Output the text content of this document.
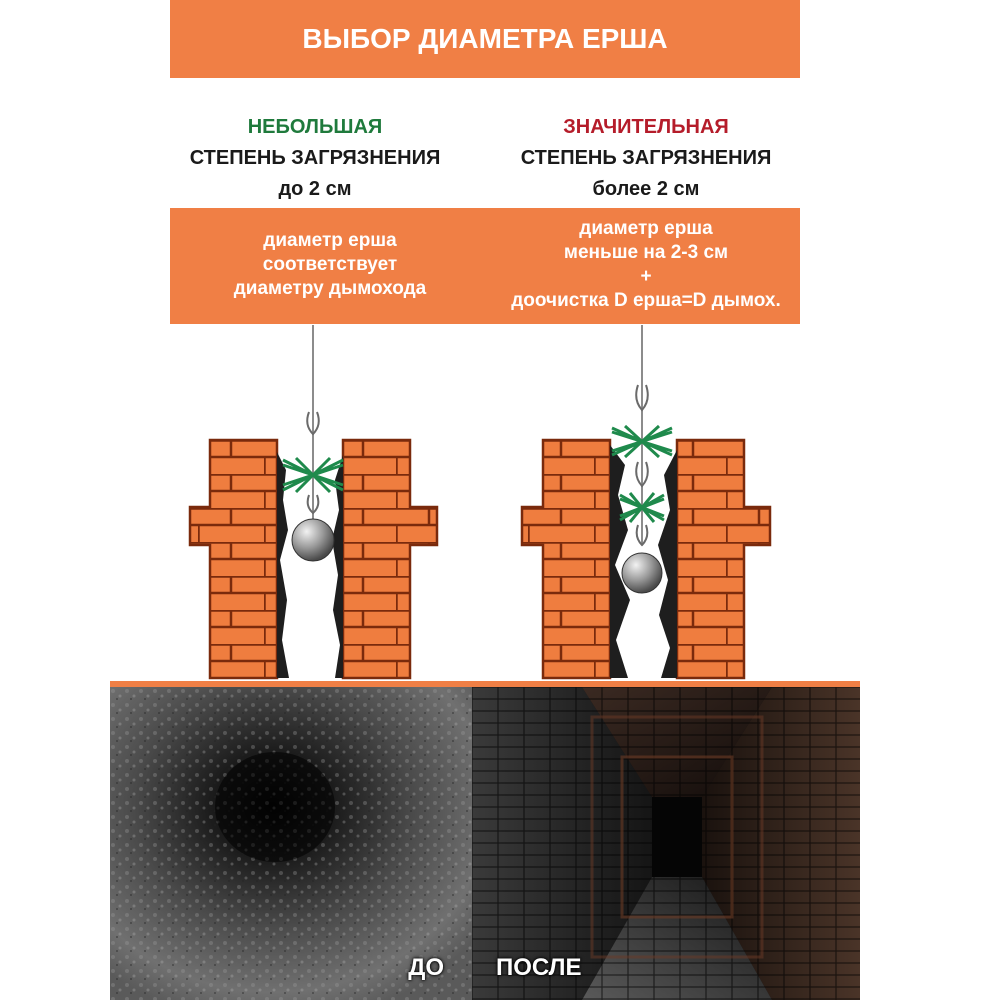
ВЫБОР ДИАМЕТРА ЕРША
НЕБОЛЬШАЯ
СТЕПЕНЬ ЗАГРЯЗНЕНИЯ
до 2 см
ЗНАЧИТЕЛЬНАЯ
СТЕПЕНЬ ЗАГРЯЗНЕНИЯ
более 2 см
диаметр ерша
соответствует
диаметру дымохода
диаметр ерша
меньше на 2-3 см
+
доочистка D ерша=D дымох.
ДО ПОСЛЕ
